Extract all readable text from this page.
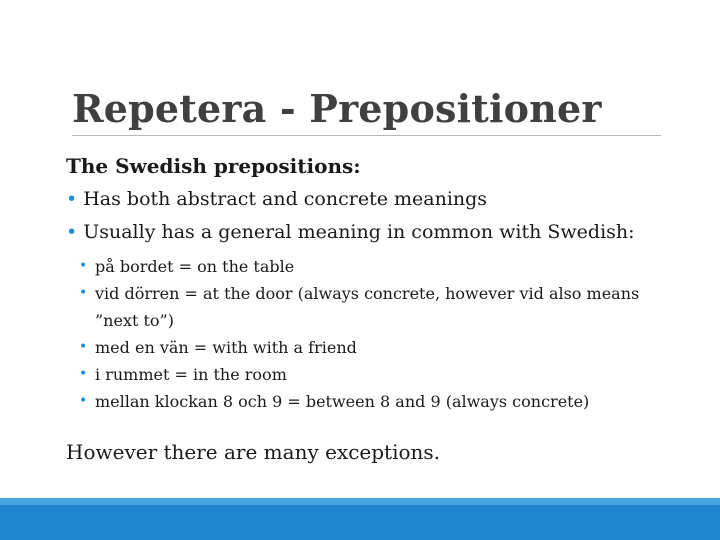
Repetera - Prepositioner
The Swedish prepositions:
• Has both abstract and concrete meanings
• Usually has a general meaning in common with Swedish:
• på bordet = on the table
• vid dörren = at the door (always concrete, however vid also means ”next to”)
• med en vän = with with a friend
• i rummet = in the room
• mellan klockan 8 och 9 = between 8 and 9 (always concrete)
However there are many exceptions.
